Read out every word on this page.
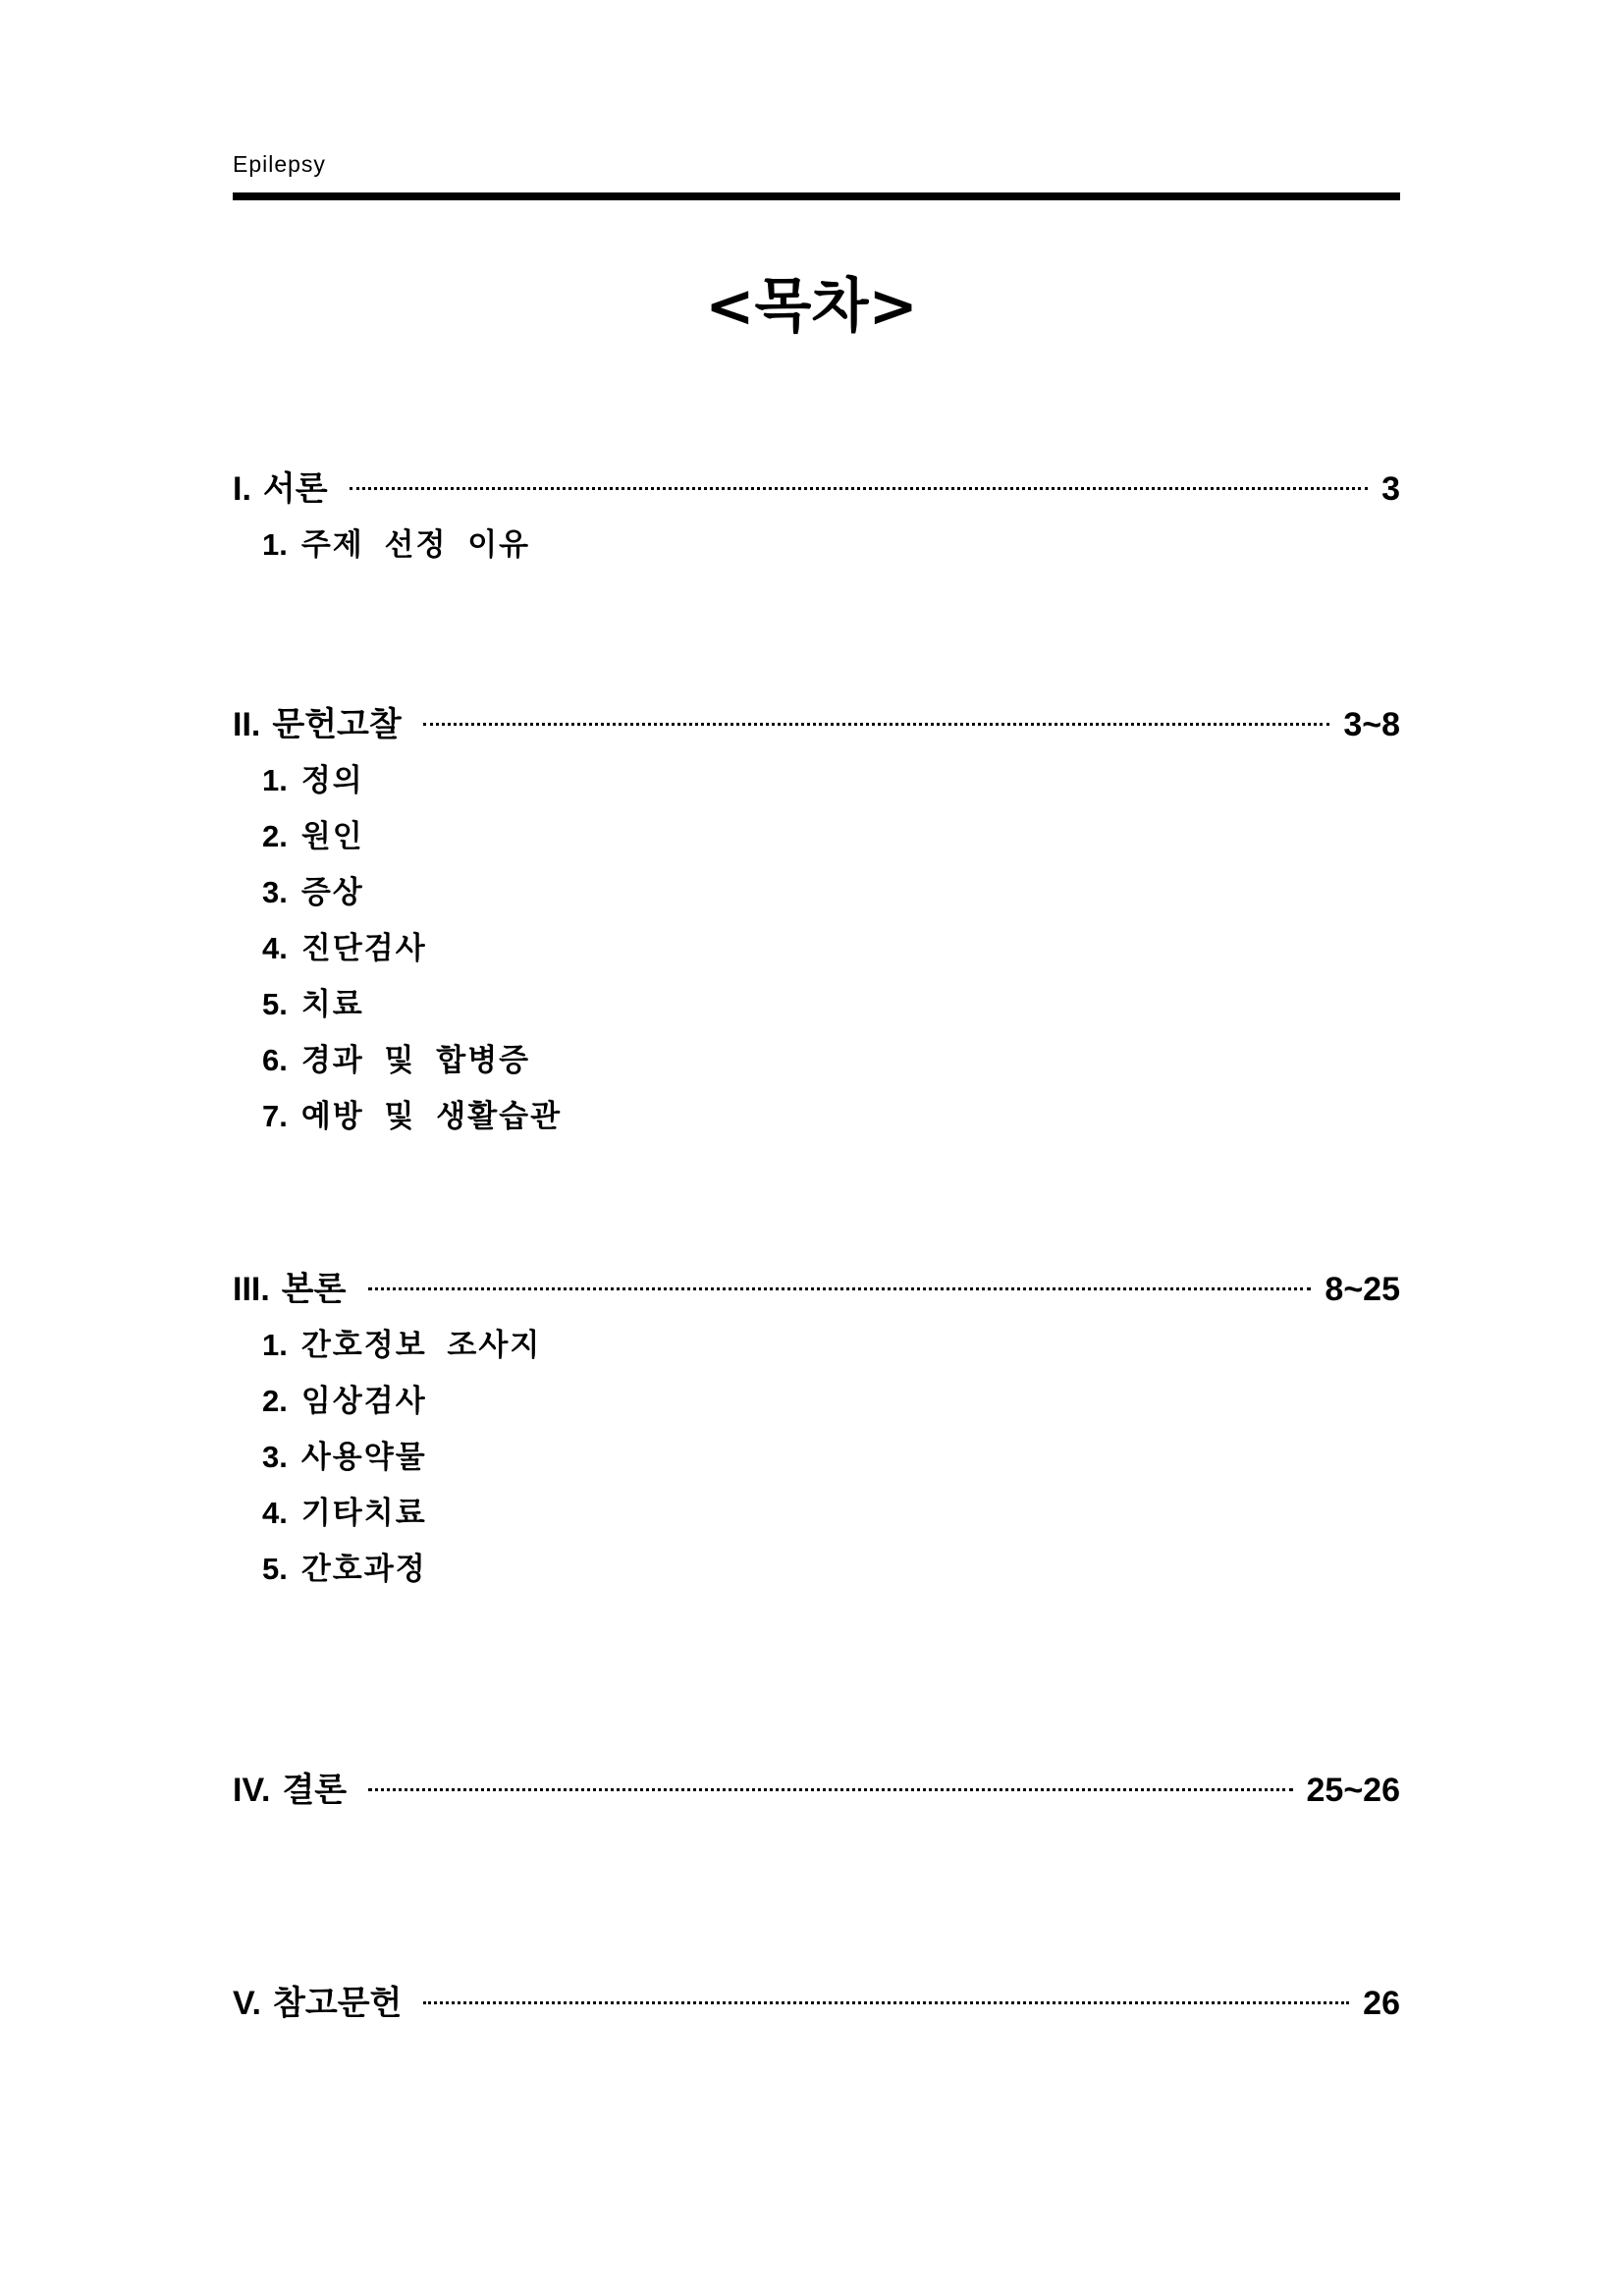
Epilepsy
<목차>
I. 서론	3
1. 주제 선정 이유
II. 문헌고찰	3~8
1. 정의
2. 원인
3. 증상
4. 진단검사
5. 치료
6. 경과 및 합병증
7. 예방 및 생활습관
III. 본론	8~25
1. 간호정보 조사지
2. 임상검사
3. 사용약물
4. 기타치료
5. 간호과정
IV. 결론	25~26
V. 참고문헌	26
